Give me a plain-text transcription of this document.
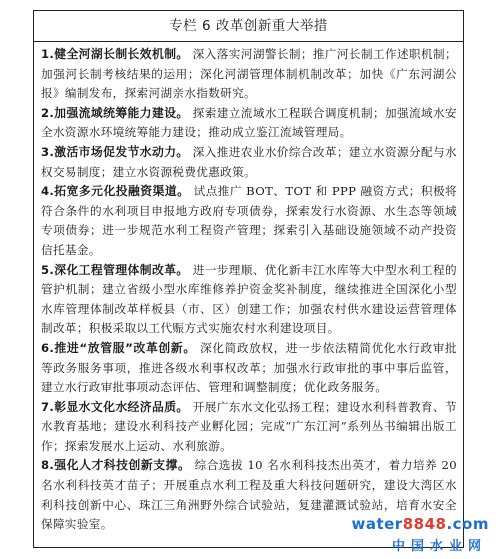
专栏 6 改革创新重大举措

1.健全河湖长制长效机制。 深入落实河湖警长制；推广河长制工作述职机制；加强河长制考核结果的运用；深化河湖管理体制机制改革；加快《广东河湖公报》编制发布，探索河湖亲水指数研究。

2.加强流域统筹能力建设。 探索建立流域水工程联合调度机制；加强流域水安全水资源水环境统筹能力建设；推动成立鉴江流域管理局。

3.激活市场促发节水动力。 深入推进农业水价综合改革；建立水资源分配与水权交易制度；建立水资源税费优惠政策。

4.拓宽多元化投融资渠道。 试点推广 BOT、TOT 和 PPP 融资方式；积极将符合条件的水利项目申报地方政府专项债券，探索发行水资源、水生态等领域专项债券；进一步规范水利工程资产管理；探索引入基础设施领域不动产投资信托基金。

5.深化工程管理体制改革。 进一步理顺、优化新丰江水库等大中型水利工程的管护机制；建立省级小型水库维修养护资金奖补制度，继续推进全国深化小型水库管理体制改革样板县（市、区）创建工作；加强农村供水建设运营管理体制改革；积极采取以工代赈方式实施农村水利建设项目。

6.推进“放管服”改革创新。 深化简政放权，进一步依法精简优化水行政审批等政务服务事项，推进各级水利事权改革；加强水行政审批的事中事后监管，建立水行政审批事项动态评估、管理和调整制度；优化政务服务。

7.彰显水文化水经济品质。 开展广东水文化弘扬工程；建设水利科普教育、节水教育基地；建设水利科技产业孵化园；完成“广东江河”系列丛书编辑出版工作；探索发展水上运动、水利旅游。

8.强化人才科技创新支撑。 综合选拔 10 名水利科技杰出英才，着力培养 20 名水利科技英才苗子；开展重点水利工程及重大科技问题研究，建设大湾区水利科技创新中心、珠江三角洲野外综合试验站，复建灌溉试验站，培育水安全保障实验室。	water8848.com
中国水业网
